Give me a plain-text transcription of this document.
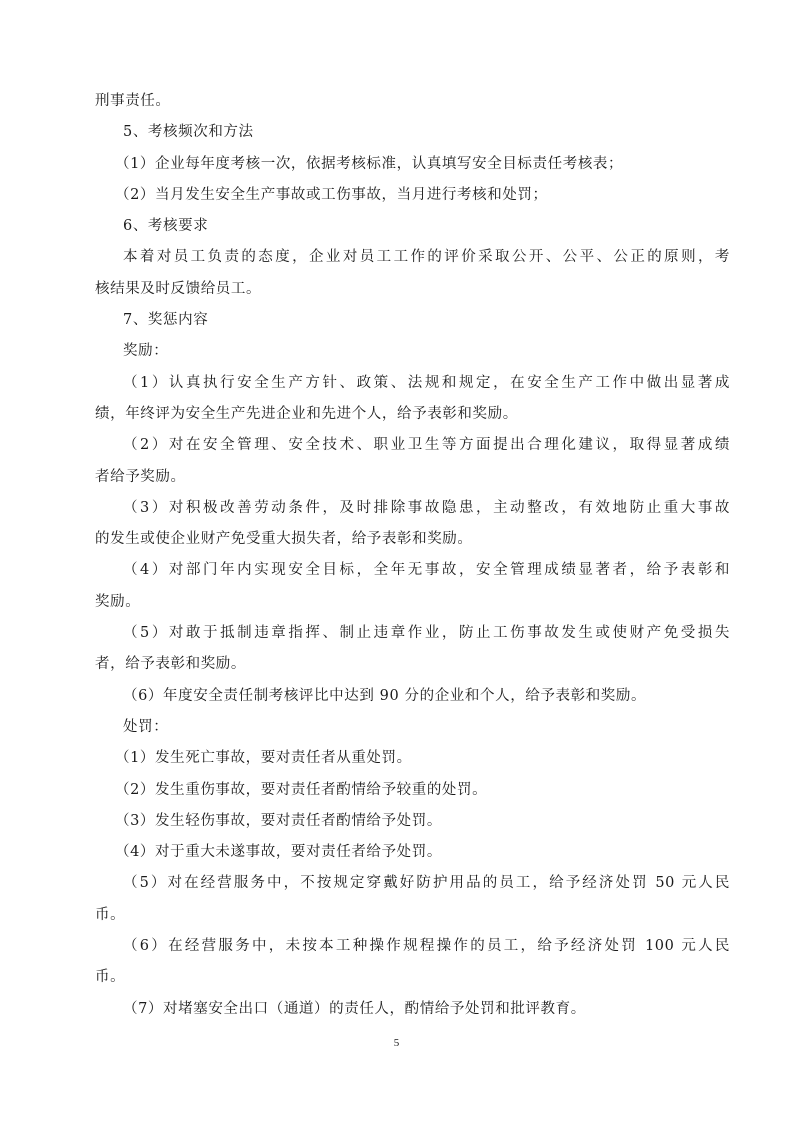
刑事责任。
5、考核频次和方法
（1）企业每年度考核一次，依据考核标准，认真填写安全目标责任考核表；
（2）当月发生安全生产事故或工伤事故，当月进行考核和处罚；
6、考核要求
本着对员工负责的态度，企业对员工工作的评价采取公开、公平、公正的原则，考
核结果及时反馈给员工。
7、奖惩内容
奖励：
（1）认真执行安全生产方针、政策、法规和规定，在安全生产工作中做出显著成
绩，年终评为安全生产先进企业和先进个人，给予表彰和奖励。
（2）对在安全管理、安全技术、职业卫生等方面提出合理化建议，取得显著成绩
者给予奖励。
（3）对积极改善劳动条件，及时排除事故隐患，主动整改，有效地防止重大事故
的发生或使企业财产免受重大损失者，给予表彰和奖励。
（4）对部门年内实现安全目标，全年无事故，安全管理成绩显著者，给予表彰和
奖励。
（5）对敢于抵制违章指挥、制止违章作业，防止工伤事故发生或使财产免受损失
者，给予表彰和奖励。
（6）年度安全责任制考核评比中达到 90 分的企业和个人，给予表彰和奖励。
处罚：
（1）发生死亡事故，要对责任者从重处罚。
（2）发生重伤事故，要对责任者酌情给予较重的处罚。
（3）发生轻伤事故，要对责任者酌情给予处罚。
（4）对于重大未遂事故，要对责任者给予处罚。
（5）对在经营服务中，不按规定穿戴好防护用品的员工，给予经济处罚 50 元人民
币。
（6）在经营服务中，未按本工种操作规程操作的员工，给予经济处罚 100 元人民
币。
（7）对堵塞安全出口（通道）的责任人，酌情给予处罚和批评教育。
5
